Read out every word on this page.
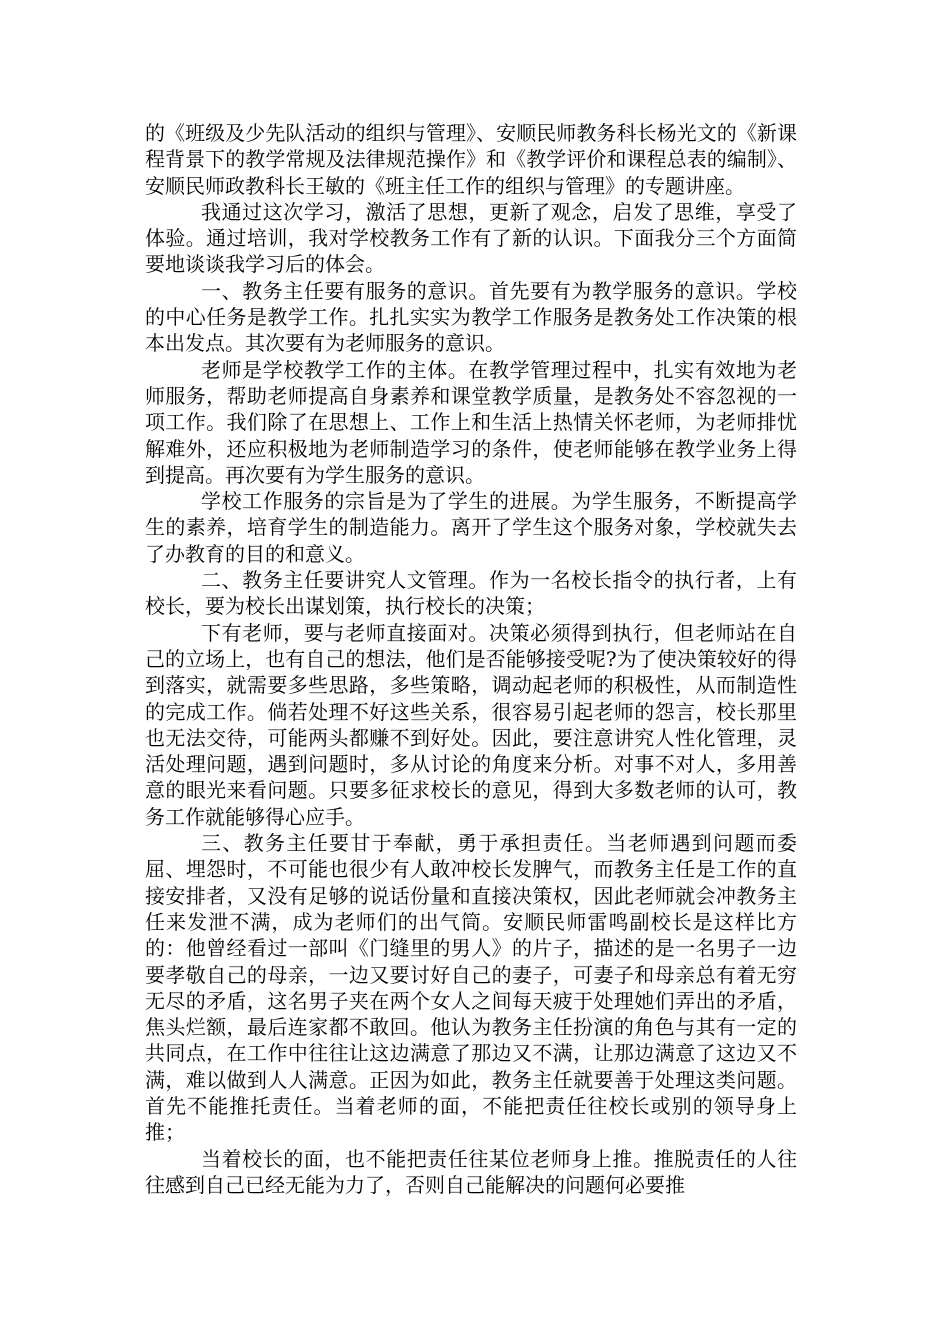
的《班级及少先队活动的组织与管理》、安顺民师教务科长杨光文的《新课程背景下的教学常规及法律规范操作》和《教学评价和课程总表的编制》、安顺民师政教科长王敏的《班主任工作的组织与管理》的专题讲座。

我通过这次学习，激活了思想，更新了观念，启发了思维，享受了体验。通过培训，我对学校教务工作有了新的认识。下面我分三个方面简要地谈谈我学习后的体会。

一、教务主任要有服务的意识。首先要有为教学服务的意识。学校的中心任务是教学工作。扎扎实实为教学工作服务是教务处工作决策的根本出发点。其次要有为老师服务的意识。

老师是学校教学工作的主体。在教学管理过程中，扎实有效地为老师服务，帮助老师提高自身素养和课堂教学质量，是教务处不容忽视的一项工作。我们除了在思想上、工作上和生活上热情关怀老师，为老师排忧解难外，还应积极地为老师制造学习的条件，使老师能够在教学业务上得到提高。再次要有为学生服务的意识。

学校工作服务的宗旨是为了学生的进展。为学生服务，不断提高学生的素养，培育学生的制造能力。离开了学生这个服务对象，学校就失去了办教育的目的和意义。

二、教务主任要讲究人文管理。作为一名校长指令的执行者，上有校长，要为校长出谋划策，执行校长的决策；

下有老师，要与老师直接面对。决策必须得到执行，但老师站在自己的立场上，也有自己的想法，他们是否能够接受呢?为了使决策较好的得到落实，就需要多些思路，多些策略，调动起老师的积极性，从而制造性的完成工作。倘若处理不好这些关系，很容易引起老师的怨言，校长那里也无法交待，可能两头都赚不到好处。因此，要注意讲究人性化管理，灵活处理问题，遇到问题时，多从讨论的角度来分析。对事不对人，多用善意的眼光来看问题。只要多征求校长的意见，得到大多数老师的认可，教务工作就能够得心应手。

三、教务主任要甘于奉献，勇于承担责任。当老师遇到问题而委屈、埋怨时，不可能也很少有人敢冲校长发脾气，而教务主任是工作的直接安排者，又没有足够的说话份量和直接决策权，因此老师就会冲教务主任来发泄不满，成为老师们的出气筒。安顺民师雷鸣副校长是这样比方的：他曾经看过一部叫《门缝里的男人》的片子，描述的是一名男子一边要孝敬自己的母亲，一边又要讨好自己的妻子，可妻子和母亲总有着无穷无尽的矛盾，这名男子夹在两个女人之间每天疲于处理她们弄出的矛盾，焦头烂额，最后连家都不敢回。他认为教务主任扮演的角色与其有一定的共同点，在工作中往往让这边满意了那边又不满，让那边满意了这边又不满，难以做到人人满意。正因为如此，教务主任就要善于处理这类问题。首先不能推托责任。当着老师的面，不能把责任往校长或别的领导身上推；

当着校长的面，也不能把责任往某位老师身上推。推脱责任的人往往感到自己已经无能为力了，否则自己能解决的问题何必要推
